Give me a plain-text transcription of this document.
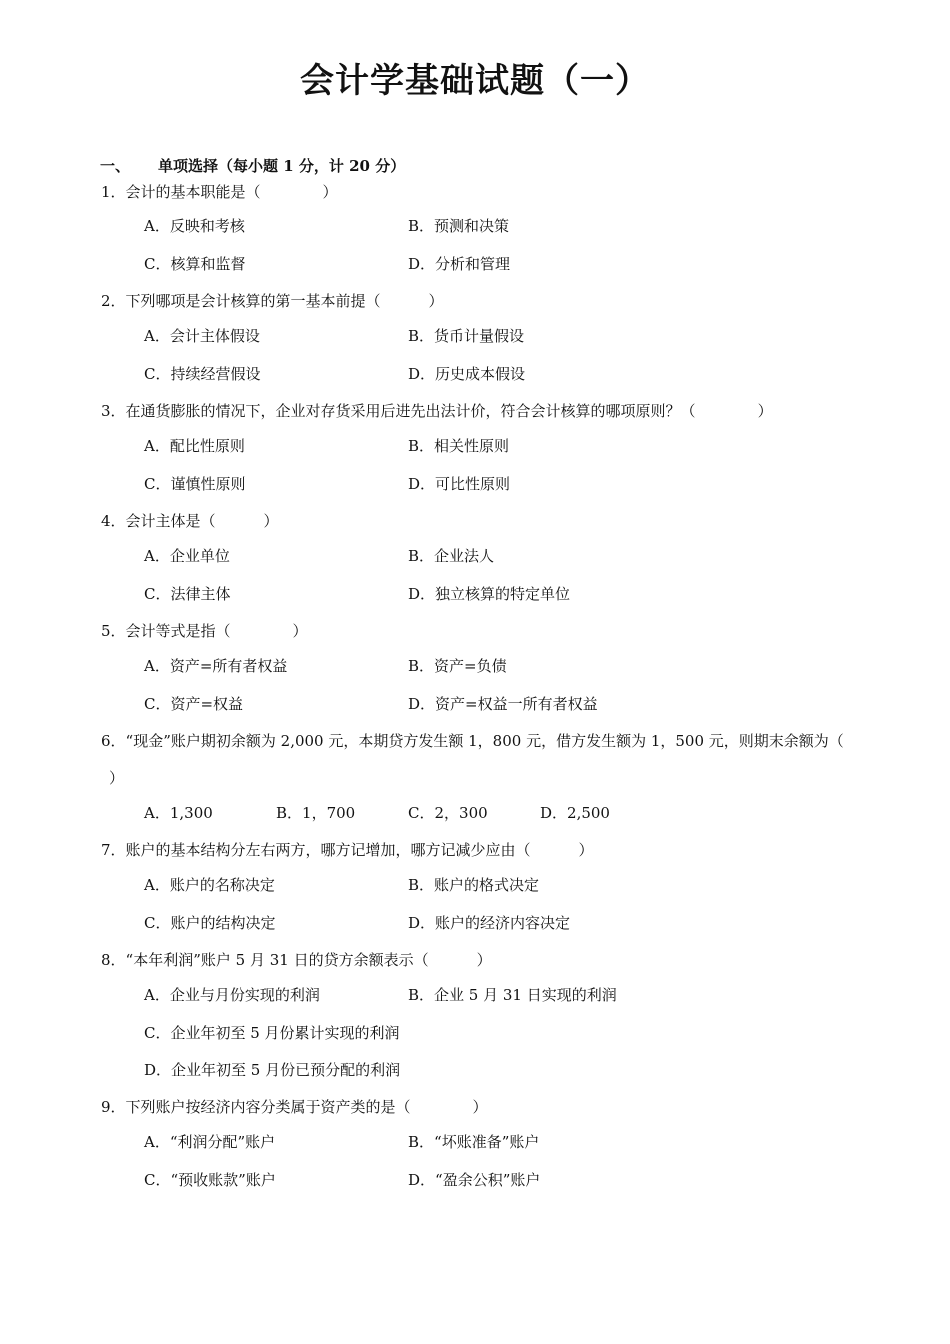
会计学基础试题（一）
一、 单项选择（每小题 1 分，计 20 分）
1．会计的基本职能是（	）
A．反映和考核	B．预测和决策
C．核算和监督	D．分析和管理
2．下列哪项是会计核算的第一基本前提（	）
A．会计主体假设	B．货币计量假设
C．持续经营假设	D．历史成本假设
3．在通货膨胀的情况下，企业对存货采用后进先出法计价，符合会计核算的哪项原则？（	）
A．配比性原则	B．相关性原则
C．谨慎性原则	D．可比性原则
4．会计主体是（	）
A．企业单位	B．企业法人
C．法律主体	D．独立核算的特定单位
5．会计等式是指（	）
A．资产=所有者权益	B．资产=负债
C．资产=权益	D．资产=权益一所有者权益
6．“现金”账户期初余额为 2,000 元，本期贷方发生额 1，800 元，借方发生额为 1，500 元，则期末余额为（
）
A．1,300	B．1，700	C．2，300	D．2,500
7．账户的基本结构分左右两方，哪方记增加，哪方记减少应由（	）
A．账户的名称决定	B．账户的格式决定
C．账户的结构决定	D．账户的经济内容决定
8．“本年利润”账户 5 月 31 日的贷方余额表示（	）
A．企业与月份实现的利润	B．企业 5 月 31 日实现的利润
C．企业年初至 5 月份累计实现的利润
D．企业年初至 5 月份已预分配的利润
9．下列账户按经济内容分类属于资产类的是（	）
A．“利润分配”账户	B．“坏账准备”账户
C．“预收账款”账户	D．“盈余公积”账户
